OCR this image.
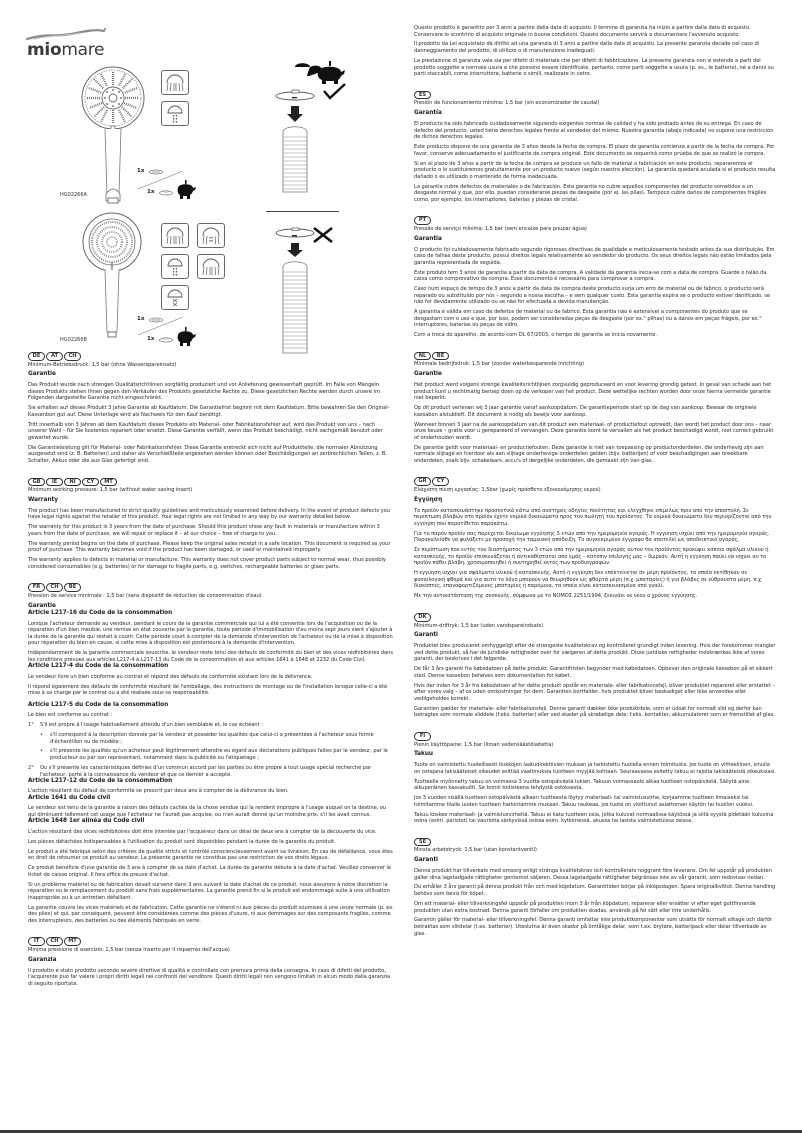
miomare
HG02266A
1x
1x
HG02266B
1x
1x
DE	AT	CH

Minimum-Betriebsdruck: 1,5 bar (ohne Wassersparеinsatz)

Garantie

Das Produkt wurde nach strengen Qualitätsrichtlinien sorgfältig produziert und vor Anlieferung gewissenhaft geprüft. Im Falle von Mängeln dieses Produkts stehen Ihnen gegen den Verkäufer des Produkts gesetzliche Rechte zu. Diese gesetzlichen Rechte werden durch unsere im Folgenden dargestellte Garantie nicht eingeschränkt.

Sie erhalten auf dieses Produkt 3 Jahre Garantie ab Kaufdatum. Die Garantiefrist beginnt mit dem Kaufdatum. Bitte bewahren Sie den Original-Kassenbon gut auf. Diese Unterlage wird als Nachweis für den Kauf benötigt.

Tritt innerhalb von 3 Jahren ab dem Kaufdatum dieses Produkts ein Material- oder Fabrikationsfehler auf, wird das Produkt von uns – nach unserer Wahl – für Sie kostenlos repariert oder ersetzt. Diese Garantie verfällt, wenn das Produkt beschädigt, nicht sachgemäß benutzt oder gewartet wurde.

Die Garantieleistung gilt für Material- oder Fabrikationsfehler. Diese Garantie erstreckt sich nicht auf Produktteile, die normaler Abnutzung ausgesetzt sind (z. B. Batterien) und daher als Verschleißteile angesehen werden können oder Beschädigungen an zerbrechlichen Teilen, z. B. Schalter, Akkus oder die aus Glas gefertigt sind.

GB	IE	NI	CY	MT

Minimum working pressure: 1.5 bar (without water saving insert)

Warranty

The product has been manufactured to strict quality guidelines and meticulously examined before delivery. In the event of product defects you have legal rights against the retailer of this product. Your legal rights are not limited in any way by our warranty detailed below.

The warranty for this product is 3 years from the date of purchase. Should this product show any fault in materials or manufacture within 3 years from the date of purchase, we will repair or replace it – at our choice – free of charge to you.

The warranty period begins on the date of purchase. Please keep the original sales receipt in a safe location. This document is required as your proof of purchase. This warranty becomes void if the product has been damaged, or used or maintained improperly.

The warranty applies to defects in material or manufacture. This warranty does not cover product parts subject to normal wear, thus possibly considered consumables (e.g. batteries) or for damage to fragile parts, e.g. switches, rechargeable batteries or glass parts.

FR	CH	BE

Pression de service minimale : 1,5 bar (sans dispositif de réduction de consommation d'eau)

Garantie

Article L217-16 du Code de la consommation

Lorsque l'acheteur demande au vendeur, pendant le cours de la garantie commerciale qui lui a été consentie lors de l'acquisition ou de la réparation d'un bien meuble, une remise en état couverte par la garantie, toute période d'immobilisation d'au moins sept jours vient s'ajouter à la durée de la garantie qui restait à courir. Cette période court à compter de la demande d'intervention de l'acheteur ou de la mise à disposition pour réparation du bien en cause, si cette mise à disposition est postérieure à la demande d'intervention.

Indépendamment de la garantie commerciale souscrite, le vendeur reste tenu des défauts de conformité du bien et des vices rédhibitoires dans les conditions prévues aux articles L217-4 à L217-13 du Code de la consommation et aux articles 1641 à 1648 et 2232 du Code Civil.

Article L217-4 du Code de la consommation

Le vendeur livre un bien conforme au contrat et répond des défauts de conformité existant lors de la délivrance.

Il répond également des défauts de conformité résultant de l'emballage, des instructions de montage ou de l'installation lorsque celle-ci a été mise à sa charge par le contrat ou a été réalisée sous sa responsabilité.

Article L217-5 du Code de la consommation

Le bien est conforme au contrat :

1°	S'il est propre à l'usage habituellement attendu d'un bien semblable et, le cas échéant :
•	s'il correspond à la description donnée par le vendeur et posséder les qualités que celui-ci a présentées à l'acheteur sous forme d'échantillon ou de modèle ;
•	s'il présente les qualités qu'un acheteur peut légitimement attendre eu égard aux déclarations publiques faites par le vendeur, par le producteur ou par son représentant, notamment dans la publicité ou l'étiquetage ;
2°	Ou s'il présente les caractéristiques définies d'un commun accord par les parties ou être propre à tout usage spécial recherché par l'acheteur, porté à la connaissance du vendeur et que ce dernier a accepté.

Article L217-12 du Code de la consommation

L'action résultant du défaut de conformité se prescrit par deux ans à compter de la délivrance du bien.

Article 1641 du Code civil

Le vendeur est tenu de la garantie à raison des défauts cachés de la chose vendue qui la rendent impropre à l'usage auquel on la destine, ou qui diminuent tellement cet usage que l'acheteur ne l'aurait pas acquise, ou n'en aurait donné qu'un moindre prix, s'il les avait connus.

Article 1648 1er alinéa du Code civil

L'action résultant des vices rédhibitoires doit être intentée par l'acquéreur dans un délai de deux ans à compter de la découverte du vice.

Les pièces détachées indispensables à l'utilisation du produit sont disponibles pendant la durée de la garantie du produit.

Le produit a été fabriqué selon des critères de qualité stricts et contrôlé consciencieusement avant sa livraison. En cas de défaillance, vous êtes en droit de retourner ce produit au vendeur. La présente garantie ne constitue pas une restriction de vos droits légaux.

Ce produit bénéficie d'une garantie de 3 ans à compter de sa date d'achat. La durée de garantie débute à la date d'achat. Veuillez conserver le ticket de caisse original. Il fera office de preuve d'achat.

Si un problème matériel ou de fabrication devait survenir dans 3 ans suivant la date d'achat de ce produit, nous assurons à notre discrétion la réparation ou le remplacement du produit sans frais supplémentaires. La garantie prend fin si le produit est endommagé suite à une utilisation inappropriée ou à un entretien défaillant.

La garantie couvre les vices matériels et de fabrication. Cette garantie ne s'étend ni aux pièces du produit soumises à une usure normale (p. ex. des piles) et qui, par conséquent, peuvent être considérées comme des pièces d'usure, ni aux dommages sur des composants fragiles, comme des interrupteurs, des batteries ou des éléments fabriqués en verre.

IT	CH	MT

Minima pressione di esercizio: 1,5 bar (senza inserto per il risparmio dell'acqua)

Garanzia

Il prodotto è stato prodotto secondo severe direttive di qualità e controllato con premura prima della consegna. In caso di difetti del prodotto, l'acquirente può far valere i propri diritti legali nei confronti del venditore. Questi diritti legali non vengono limitati in alcun modo dalla garanzia di seguito riportata.

Questo prodotto è garantito per 3 anni a partire dalla data di acquisto. Il termine di garanzia ha inizio a partire dalla data di acquisto. Conservare lo scontrino di acquisto originale in buone condizioni. Questo documento servirà a documentare l'avvenuto acquisto.

Il prodotto da Lei acquistato dà diritto ad una garanzia di 3 anni a partire dalla data di acquisto. La presente garanzia decade nel caso di danneggiamento del prodotto, di utilizzo o di manutenzione inadeguati.

La prestazione di garanzia vale sia per difetti di materiale che per difetti di fabbricazione. La presente garanzia non si estende a parti del prodotto soggette a normale usura e che possono essere identificate, pertanto, come parti soggette a usura (p. es., le batterie), né a danni su parti staccabili, come interruttore, batterie o simili, realizzate in vetro.

ES

Presión de funcionamiento mínima: 1,5 bar (sin economizador de caudal)

Garantía

El producto ha sido fabricado cuidadosamente siguiendo exigentes normas de calidad y ha sido probado antes de su entrega. En caso de defecto del producto, usted tiene derechos legales frente al vendedor del mismo. Nuestra garantía (abajo indicada) no supone una restricción de dichos derechos legales.

Este producto dispone de una garantía de 3 años desde la fecha de compra. El plazo de garantía comienza a partir de la fecha de compra. Por favor, conserve adecuadamente el justificante de compra original. Este documento se requerirá como prueba de que se realizó la compra.

Si en el plazo de 3 años a partir de la fecha de compra se produce un fallo de material o fabricación en este producto, repararemos el producto o lo sustituiremos gratuitamente por un producto nuevo (según nuestra elección). La garantía quedará anulada si el producto resulta dañado o es utilizado o mantenido de forma inadecuada.

La garantía cubre defectos de materiales o de fabricación. Esta garantía no cubre aquellos componentes del producto sometidos a un desgaste normal y que, por ello, puedan considerarse piezas de desgaste (por ej. las pilas). Tampoco cubre daños de componentes frágiles como, por ejemplo, los interruptores, baterías y piezas de cristal.

PT

Pressão de serviço mínima: 1,5 bar (sem encaixe para poupar água)

Garantia

O producto foi cuidadosamente fabricado segundo rigorosas directivas de qualidade e meticulosamente testado antes da sua distribuição. Em caso de falhas deste producto, possui direitos legais relativamente ao vendedor do producto. Os seus direitos legais não estão limitados pela garantia representada de seguida.

Este produto tem 3 anos de garantia a partir da data de compra. A validade da garantia inicia-se com a data de compra. Guarde o talão da caixa como comprovativo da compra. Esse documento é necessário para comprovar a compra.

Caso num espaço de tempo de 3 anos a partir da data da compra deste producto surja um erro de material ou de fabrico, o producto será reparado ou substituído por nós – segundo a nossa escolha – e sem qualquer custo. Esta garantia expira se o producto estiver danificado, se não for devidamente utilizado ou se não for efectuada a devida manutenção.

A garantia é válida em caso de defeitos de material ou de fabrico. Esta garantia não é extensível a componentes do produto que se desgastam com o uso e que, por isso, podem ser consideradas peças de desgaste (por ex." pilhas) ou a danos em peças frágeis, por ex." interruptores, baterias ou peças de vidro.

Com a troca do aparelho, de acordo com DL 67/2003, o tempo de garantia se inicia novamente.

NL	BE

Minimale bedrijfsdruk: 1,5 bar (zonder waterbesparende inrichting)

Garantie

Het product werd volgens strenge kwaliteitsrichtlijnen zorgvuldig geproduceerd en voor levering grondig getest. In geval van schade aan het product kunt u rechtmatig beroep doen op de verkoper van het product. Deze wettelijke rechten worden door onze hierna vermelde garantie niet beperkt.

Op dit product verlenen wij 3 jaar garantie vanaf aankoopdatum. De garantieperiode start op de dag van aankoop. Bewaar de originele kassabon alstublieft. Dit document is nodig als bewijs voor aankoop.

Wanneer binnen 3 jaar na de aankoopdatum van dit product een materiaal- of productiefout optreedt, dan wordt het product door ons – naar onze keuze – gratis voor u gerepareerd of vervangen. Deze garantie komt te vervallen als het product beschadigd wordt, niet correct gebruikt of onderhouden wordt.

De garantie geldt voor materiaal- en productiefouten. Deze garantie is niet van toepassing op productonderdelen, die onderhevig zijn aan normale slijtage en hierdoor als aan slijtage onderhevige onderdelen gelden (bijv. batterijen) of voor beschadigingen aan breekbare onderdelen, zoals bijv. schakelaars, accu's of dergelijke onderdelen, die gemaakt zijn van glas.

GR	CY

Ελάχιστη πίεση εργασίας: 1,5bar (χωρίς πρόσθετο εξοικονόμησης νερού)

Εγγύηση

Το προϊόν κατασκευάστηκε προσεκτικά κάτω από αυστηρές οδηγίες ποιότητας και ελέγχθηκε επιμελώς πριν από την αποστολή. Σε περίπτωση βλαβών στο προϊόν έχετε νομικά δικαιώματα προς τον πωλητή του προϊόντος. Τα νομικά δικαιώματα δεν περιορίζονται από την εγγύηση που παρατίθεται παρακάτω.

Για το παρόν προϊόν σας παρέχεται δικαίωμα εγγύησης 3 ετών από την ημερομηνία αγοράς. Η εγγύηση ισχύει από την ημερομηνία αγοράς. Παρακαλείσθε να φυλάξετε με προσοχή την ταμειακή απόδειξη. Το συγκεκριμένο έγγραφο θα αποτελεί ως αποδεικτικό αγοράς.

Σε περίπτωση που εντός του διαστήματος των 3 ετών από την ημερομηνία αγοράς αυτού του προϊόντος προκύψει κάποιο σφάλμα υλικού ή κατασκευής, το προϊόν επισκευάζεται ή αντικαθίσταται από εμάς – κατόπιν επιλογής μας – δωρεάν. Αυτή η εγγύηση παύει να ισχύει αν το προϊόν πάθει βλάβη, χρησιμοποιηθεί ή συντηρηθεί εκτός των προδιαγραφών.

Η εγγύηση ισχύει για σφάλματα υλικού ή κατασκευής. Αυτή η εγγύηση δεν επεκτείνεται σε μέρη προϊόντος, τα οποία εκτίθηκαν σε φυσιολογική φθορά και για αυτό το λόγο μπορούν να θεωρηθούν ως φθαρτά μέρη (π.χ. μπαταρίες) ή για βλάβες σε εύθραυστα μέρη, π.χ. διακόπτες, επαναφορτιζόμενες μπαταρίες ή παρόμοια, τα οποία είναι κατασκευασμένα από γυαλί.

Με την αντικατάσταση της συσκευής, σύμφωνα με το ΝΟΜΟΣ 2251/1994, ξεκινάει εκ νέου ο χρόνος εγγύησης.

DK

Minimum-driftryk: 1,5 bar (uden vandspareindsats)

Garanti

Produktet blev produceret omhyggeligt efter de strengeste kvalitetskrav og kontrolleret grundigt inden levering. Hvis der forekommer mangler ved dette produkt, så har de juridiske rettigheder over for sælgeren af dette produkt. Disse juridiske rettigheder indskrænkes ikke af vores garanti, der beskrives i det følgende.

De får 3 års garanti fra købsdatoen på dette produkt. Garantifristen begynder med købsdatoen. Opbevar den originale kassebon på et sikkert sted. Denne kassebon behøves som dokumentation for købet.

Hvis der inden for 3 år fra købsdatoen af for dette produkt opstår en materiale- eller fabrikationsfejl, bliver produktet repareret eller erstattet – efter vores valg – af os uden omkostninger for dem. Garantien bortfalder, hvis produktet bliver beskadiget eller ikke anvendes eller vedligeholdes korrekt.

Garantien gælder for materiale- eller fabrikationsfejl. Denne garanti dækker ikke produktdele, som er udsat for normalt slid og derfor kan betragtes som normale sliddele (f.eks. batterier) eller ved skader på skrøbelige dele; f.eks. kontakter, akkumulatorer som er fremstillet af glas.

FI

Pienin käyttöpaine: 1,5 bar (ilman vedensäästölaitetta)

Takuu

Tuote on valmistettu huolellisesti tiukkojen laatudirektiivien mukaan ja tarkistettu huolella ennen toimitusta. Jos tuote on virheellinen, sinulla on ostajana lakisääteiset oikeudet esittää vaatimuksia tuotteen myyjää kohtaan. Seuraavassa esitetty takuu ei rajoita lakisääteisiä oikeuksiasi.

Tuotteelle myönnetty takuu on voimassa 3 vuotta ostopäivästä lukien. Takuun voimassaolo alkaa tuotteen ostopäivästä. Säilytä aina alkuperäinen kassakuitti. Se toimii todisteena tehdystä ostoksesta.

Jos 3 vuoden sisällä tuotteen ostopäivästä alkaen tuotteesta löytyy materiaali- tai valmistusvirhe, korjaamme tuotteen ilmaiseksi tai toimitamme tilalle uuden tuotteen harkintamme mukaan. Takuu raukeaa, jos tuote on vioittunut asiattoman käytön tai huollon vuoksi.

Takuu koskee materiaali- ja valmistusvirheitä. Takuu ei kata tuotteen osia, jotka kuluvat normaalissa käytössä ja siitä syystä pidetään kuluvina osina (esim. paristot) tai vaurioita särkyvissä osissa esim. kytkimessä, akussa tai lasista valmistetuissa osissa.

SE

Minsta arbetstryck: 1,5 bar (utan konstantventil)

Garanti

Denna produkt har tillverkats med omsorg enligt stränga kvalitetskrav och kontrollerats noggrant före leverans. Om fel uppstår på produkten gäller dina lagstadgade rättigheter gentemot säljaren. Dessa lagstadgade rättigheter begränsas inte av vår garanti, som redovisas nedan.

Du erhåller 3 års garanti på denna produkt från och med köpdatum. Garantitiden börjar på inköpsdagen. Spara originalkvittot. Denna handling behövs som bevis för köpet.

Om ett material- eller tillverkningsfel uppstår på produkten inom 3 år från köpdatum, reparerar eller ersätter vi efter eget gottfinnande produkten utan extra kostnad. Denna garanti förfaller om produkten skadas, används på fel sätt eller inte underhålls.

Garantin gäller för material- eller tillverkningsfel. Denna garanti omfattar inte produktkomponenter som utsätts för normalt slitage och därför betraktas som slitdelar (t.ex. batterier). Uteslutna är även skador på ömtåliga delar, som t.ex. brytare, batteripack eller delar tillverkade av glas.
